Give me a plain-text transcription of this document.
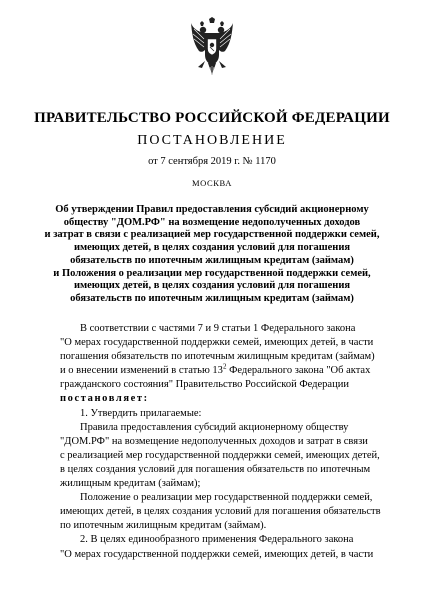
ПРАВИТЕЛЬСТВО РОССИЙСКОЙ ФЕДЕРАЦИИ
ПОСТАНОВЛЕНИЕ
от 7 сентября 2019 г. № 1170
МОСКВА
Об утверждении Правил предоставления субсидий акционерному
обществу "ДОМ.РФ" на возмещение недополученных доходов
и затрат в связи с реализацией мер государственной поддержки семей,
имеющих детей, в целях создания условий для погашения
обязательств по ипотечным жилищным кредитам (займам)
и Положения о реализации мер государственной поддержки семей,
имеющих детей, в целях создания условий для погашения
обязательств по ипотечным жилищным кредитам (займам)
В соответствии с частями 7 и 9 статьи 1 Федерального закона
"О мерах государственной поддержки семей, имеющих детей, в части
погашения обязательств по ипотечным жилищным кредитам (займам)
и о внесении изменений в статью $13^2$ Федерального закона "Об актах
гражданского состояния" Правительство Российской Федерации
постановляет:
1. Утвердить прилагаемые:
Правила предоставления субсидий акционерному обществу
"ДОМ.РФ" на возмещение недополученных доходов и затрат в связи
с реализацией мер государственной поддержки семей, имеющих детей,
в целях создания условий для погашения обязательств по ипотечным
жилищным кредитам (займам);
Положение о реализации мер государственной поддержки семей,
имеющих детей, в целях создания условий для погашения обязательств
по ипотечным жилищным кредитам (займам).
2. В целях единообразного применения Федерального закона
"О мерах государственной поддержки семей, имеющих детей, в части
